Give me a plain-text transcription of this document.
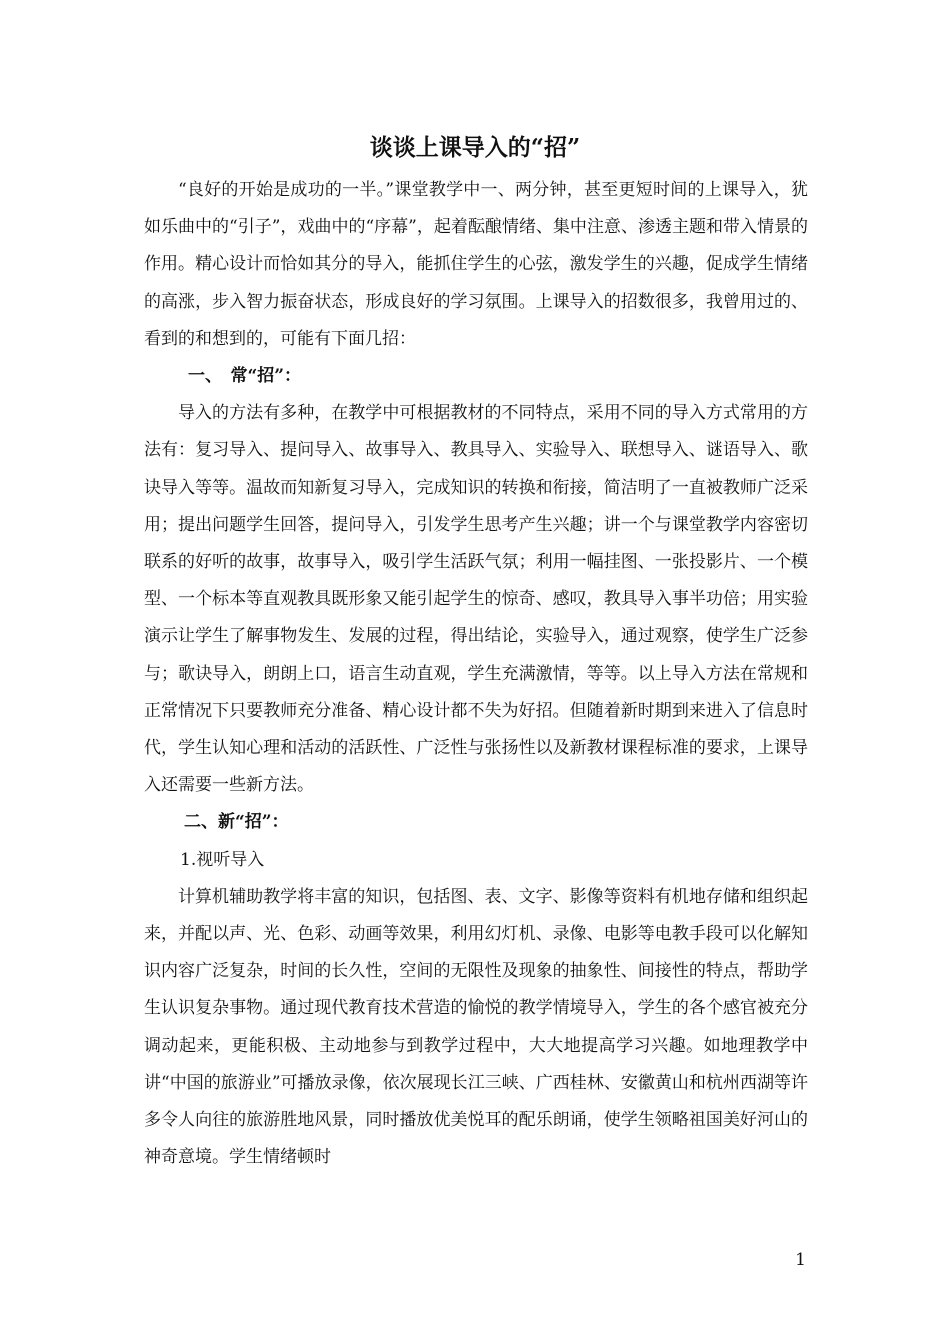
谈谈上课导入的“招”

“良好的开始是成功的一半。”课堂教学中一、两分钟，甚至更短时间的上课导入，犹如乐曲中的“引子”，戏曲中的“序幕”，起着酝酿情绪、集中注意、渗透主题和带入情景的作用。精心设计而恰如其分的导入，能抓住学生的心弦，激发学生的兴趣，促成学生情绪的高涨，步入智力振奋状态，形成良好的学习氛围。上课导入的招数很多，我曾用过的、看到的和想到的，可能有下面几招：

一、　常“招”：

导入的方法有多种，在教学中可根据教材的不同特点，采用不同的导入方式常用的方法有：复习导入、提问导入、故事导入、教具导入、实验导入、联想导入、谜语导入、歌诀导入等等。温故而知新复习导入，完成知识的转换和衔接，简洁明了一直被教师广泛采用；提出问题学生回答，提问导入，引发学生思考产生兴趣；讲一个与课堂教学内容密切联系的好听的故事，故事导入，吸引学生活跃气氛；利用一幅挂图、一张投影片、一个模型、一个标本等直观教具既形象又能引起学生的惊奇、感叹，教具导入事半功倍；用实验演示让学生了解事物发生、发展的过程，得出结论，实验导入，通过观察，使学生广泛参与；歌诀导入，朗朗上口，语言生动直观，学生充满激情，等等。以上导入方法在常规和正常情况下只要教师充分准备、精心设计都不失为好招。但随着新时期到来进入了信息时代，学生认知心理和活动的活跃性、广泛性与张扬性以及新教材课程标准的要求，上课导入还需要一些新方法。

二、新“招”：
1.视听导入

计算机辅助教学将丰富的知识，包括图、表、文字、影像等资料有机地存储和组织起来，并配以声、光、色彩、动画等效果，利用幻灯机、录像、电影等电教手段可以化解知识内容广泛复杂，时间的长久性，空间的无限性及现象的抽象性、间接性的特点，帮助学生认识复杂事物。通过现代教育技术营造的愉悦的教学情境导入，学生的各个感官被充分调动起来，更能积极、主动地参与到教学过程中，大大地提高学习兴趣。如地理教学中讲“中国的旅游业”可播放录像，依次展现长江三峡、广西桂林、安徽黄山和杭州西湖等许多令人向往的旅游胜地风景，同时播放优美悦耳的配乐朗诵，使学生领略祖国美好河山的神奇意境。学生情绪顿时

1
